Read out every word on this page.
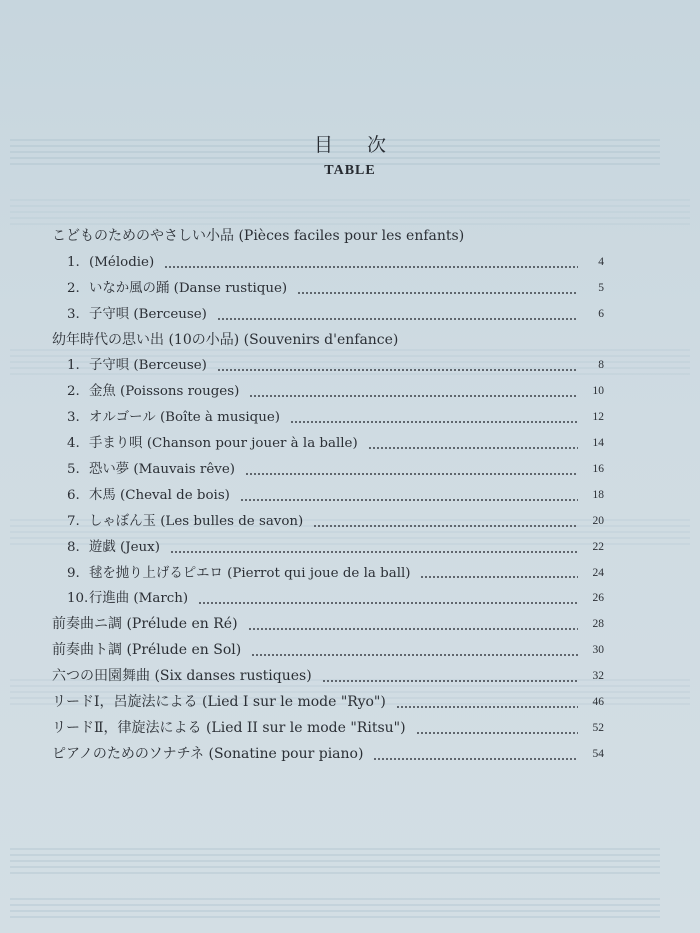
目 次
TABLE
こどものためのやさしい小品 (Pièces faciles pour les enfants)
1. (Mélodie)	4
2. いなか風の踊 (Danse rustique)	5
3. 子守唄 (Berceuse)	6
幼年時代の思い出 (10の小品) (Souvenirs d'enfance)
1. 子守唄 (Berceuse)	8
2. 金魚 (Poissons rouges)	10
3. オルゴール (Boîte à musique)	12
4. 手まり唄 (Chanson pour jouer à la balle)	14
5. 恐い夢 (Mauvais rêve)	16
6. 木馬 (Cheval de bois)	18
7. しゃぼん玉 (Les bulles de savon)	20
8. 遊戯 (Jeux)	22
9. 毬を抛り上げるピエロ (Pierrot qui joue de la ball)	24
10.行進曲 (March)	26
前奏曲ニ調 (Prélude en Ré)	28
前奏曲ト調 (Prélude en Sol)	30
六つの田園舞曲 (Six danses rustiques)	32
リードⅠ，呂旋法による (Lied I sur le mode "Ryo")	46
リードⅡ，律旋法による (Lied II sur le mode "Ritsu")	52
ピアノのためのソナチネ (Sonatine pour piano)	54
